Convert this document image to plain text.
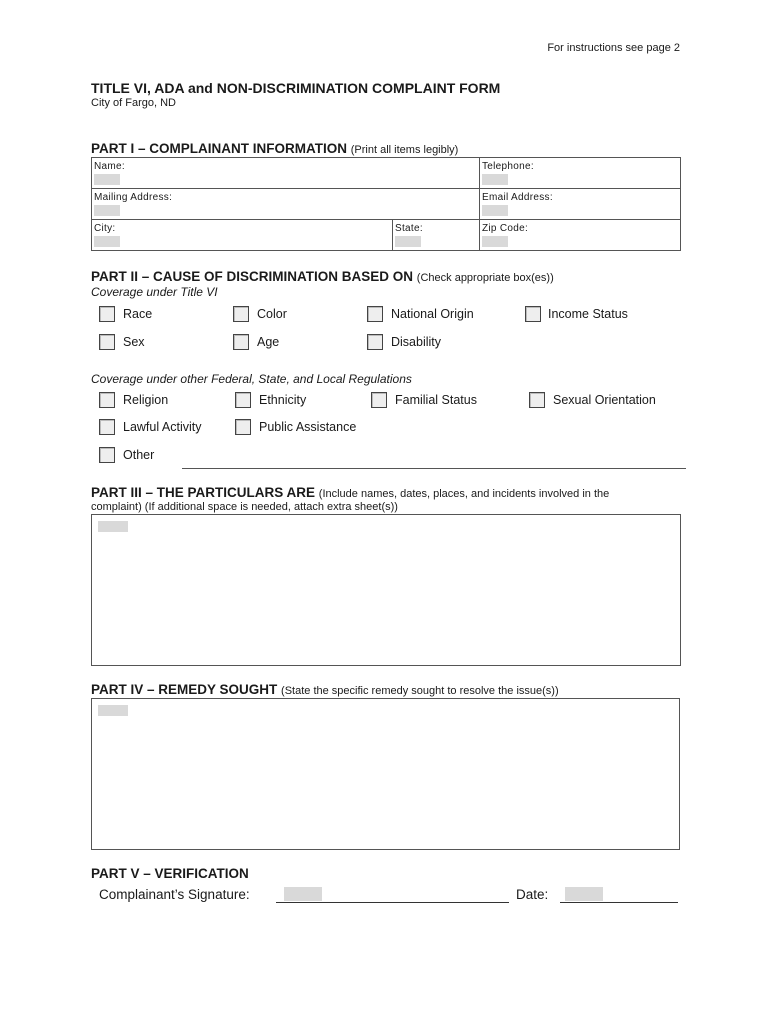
For instructions see page 2
TITLE VI, ADA and NON-DISCRIMINATION COMPLAINT FORM
City of Fargo, ND
PART I – COMPLAINANT INFORMATION (Print all items legibly)
Name:		Telephone:

Mailing Address:		Email Address:

City:	State:	Zip Code:
PART II – CAUSE OF DISCRIMINATION BASED ON (Check appropriate box(es))
Coverage under Title VI
Race	Color	National Origin	Income Status
Sex	Age	Disability
Coverage under other Federal, State, and Local Regulations
Religion	Ethnicity	Familial Status	Sexual Orientation
Lawful Activity	Public Assistance
Other
PART III – THE PARTICULARS ARE (Include names, dates, places, and incidents involved in the
complaint) (If additional space is needed, attach extra sheet(s))
PART IV – REMEDY SOUGHT (State the specific remedy sought to resolve the issue(s))
PART V – VERIFICATION
Complainant’s Signature:	Date:
